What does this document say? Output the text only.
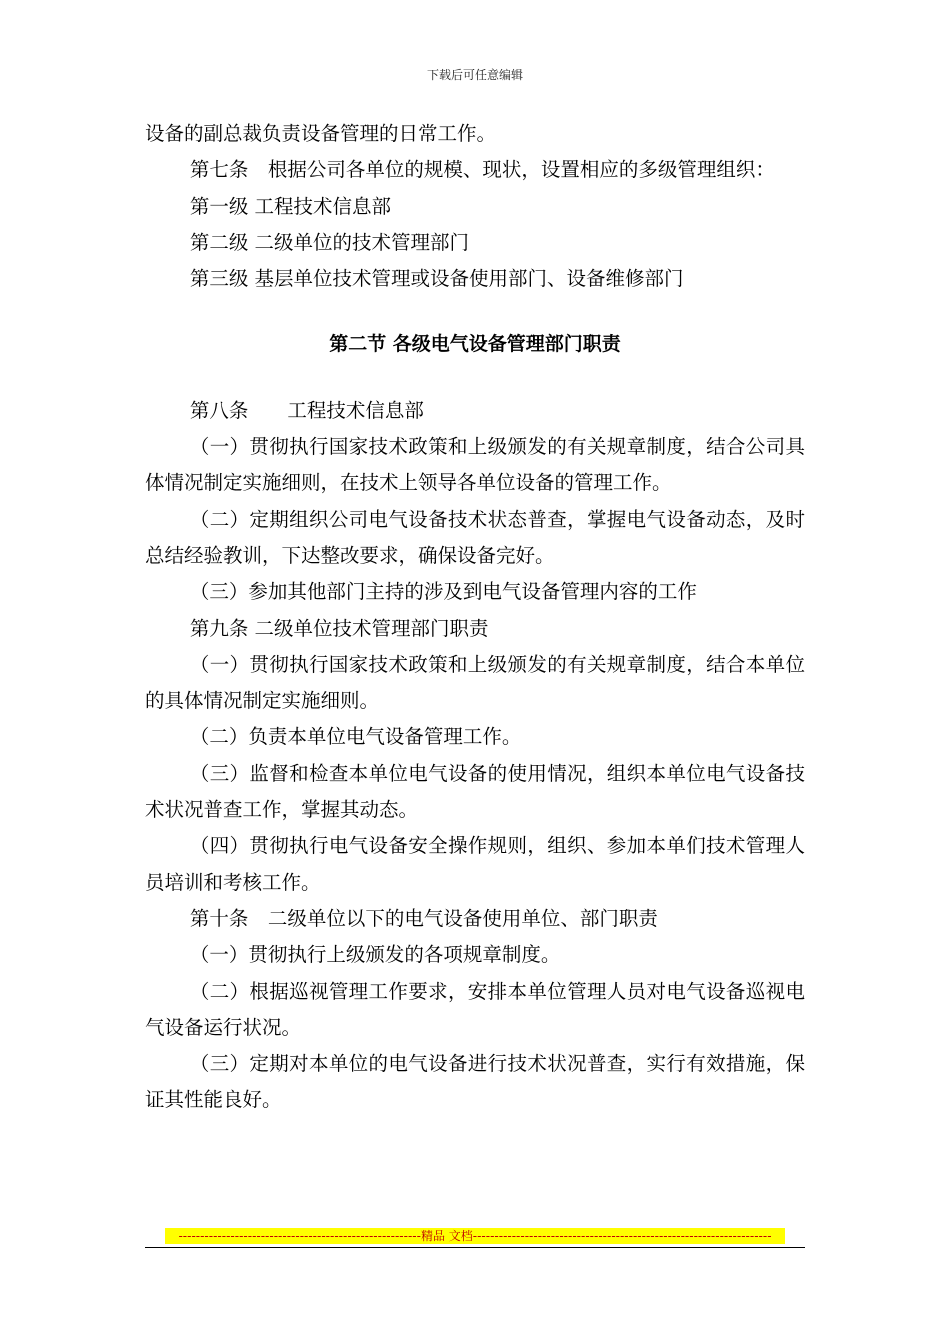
下载后可任意编辑

设备的副总裁负责设备管理的日常工作。

第七条　根据公司各单位的规模、现状，设置相应的多级管理组织：

第一级 工程技术信息部

第二级 二级单位的技术管理部门

第三级 基层单位技术管理或设备使用部门、设备维修部门

第二节 各级电气设备管理部门职责

第八条　　工程技术信息部

（一）贯彻执行国家技术政策和上级颁发的有关规章制度，结合公司具体情况制定实施细则，在技术上领导各单位设备的管理工作。

（二）定期组织公司电气设备技术状态普查，掌握电气设备动态，及时总结经验教训，下达整改要求，确保设备完好。

（三）参加其他部门主持的涉及到电气设备管理内容的工作

第九条 二级单位技术管理部门职责

（一）贯彻执行国家技术政策和上级颁发的有关规章制度，结合本单位的具体情况制定实施细则。

（二）负责本单位电气设备管理工作。

（三）监督和检查本单位电气设备的使用情况，组织本单位电气设备技术状况普查工作，掌握其动态。

（四）贯彻执行电气设备安全操作规则，组织、参加本单们技术管理人员培训和考核工作。

第十条　二级单位以下的电气设备使用单位、部门职责

（一）贯彻执行上级颁发的各项规章制度。

（二）根据巡视管理工作要求，安排本单位管理人员对电气设备巡视电气设备运行状况。

（三）定期对本单位的电气设备进行技术状况普查，实行有效措施，保证其性能良好。

--------------------------------------------------------精品 文档---------------------------------------------------------------------
